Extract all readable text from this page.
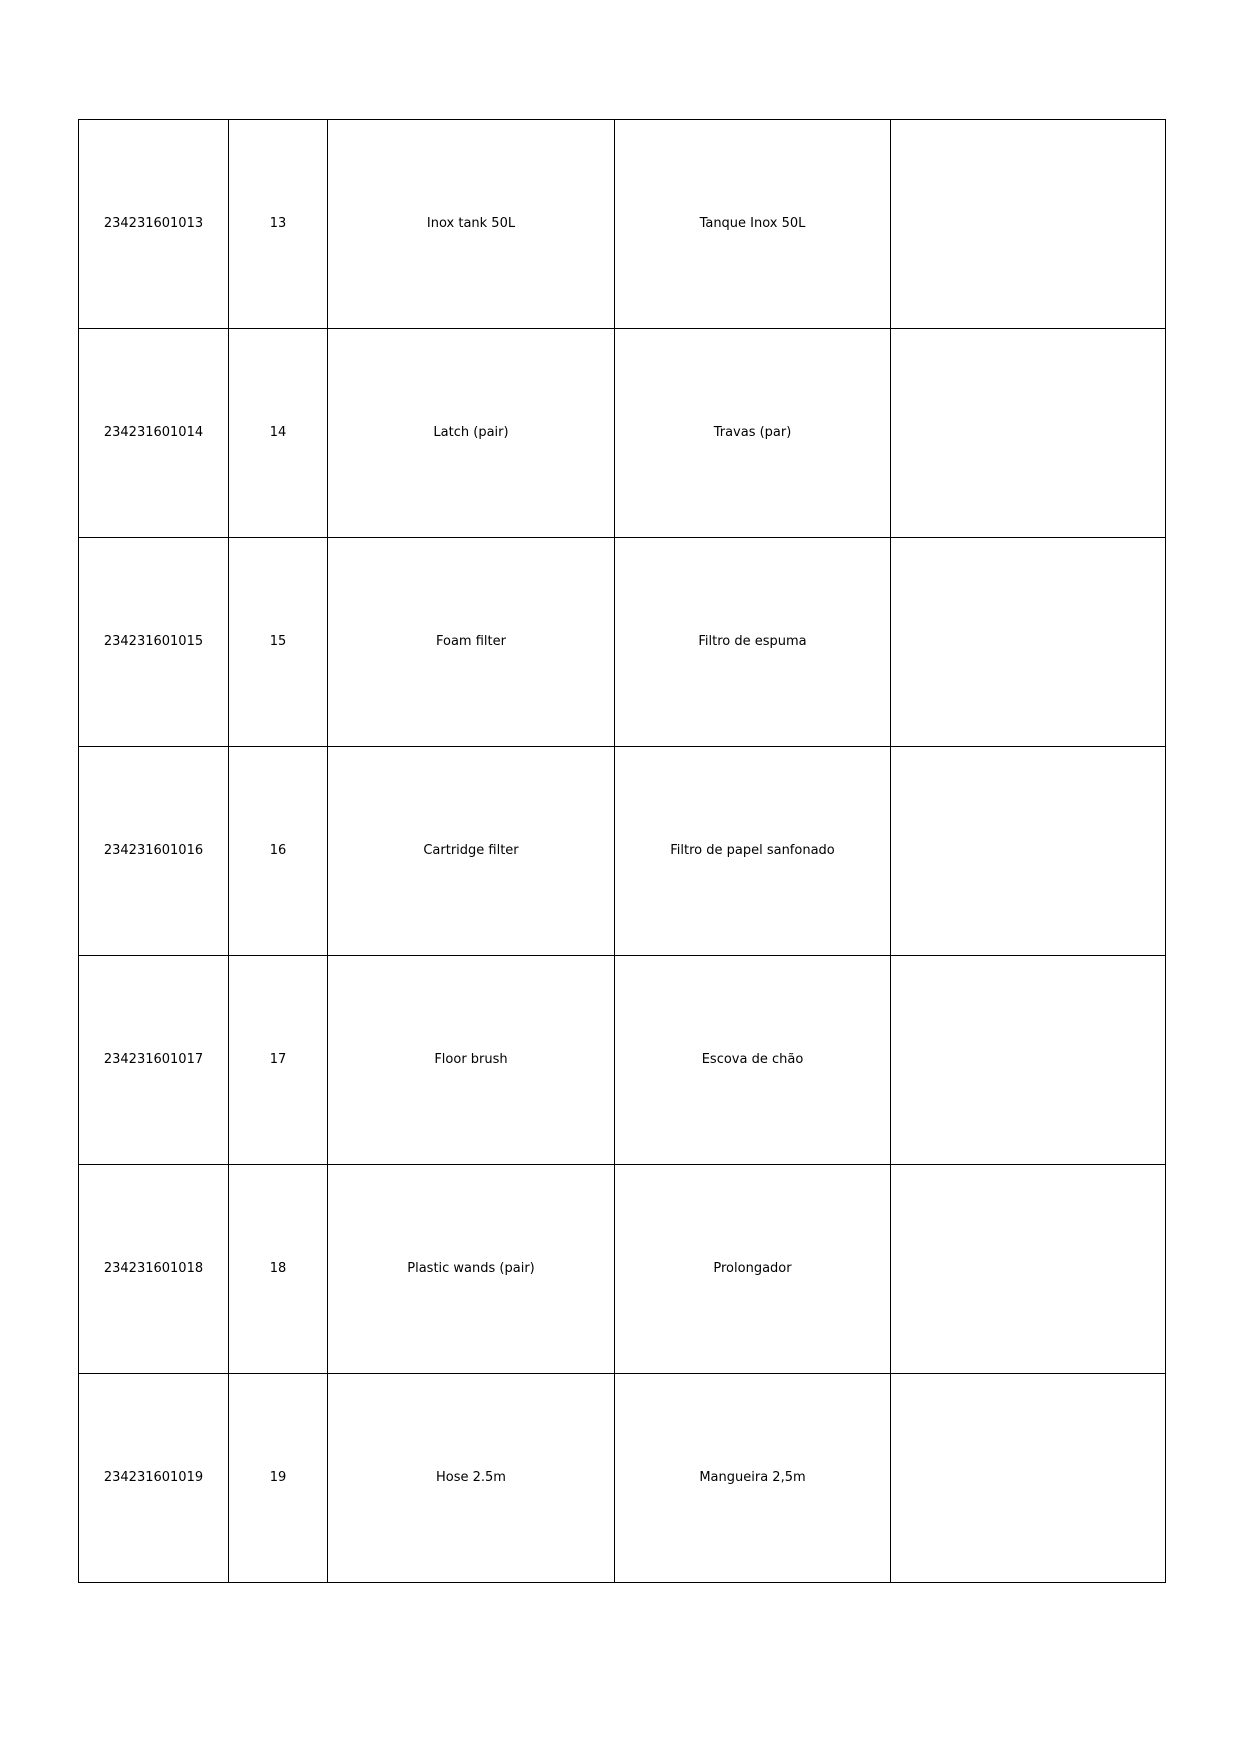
234231601013	13	Inox tank 50L	Tanque Inox 50L	
234231601014	14	Latch (pair)	Travas (par)	
234231601015	15	Foam filter	Filtro de espuma	
234231601016	16	Cartridge filter	Filtro de papel sanfonado	
234231601017	17	Floor brush	Escova de chão	
234231601018	18	Plastic wands (pair)	Prolongador	
234231601019	19	Hose 2.5m	Mangueira 2,5m	
